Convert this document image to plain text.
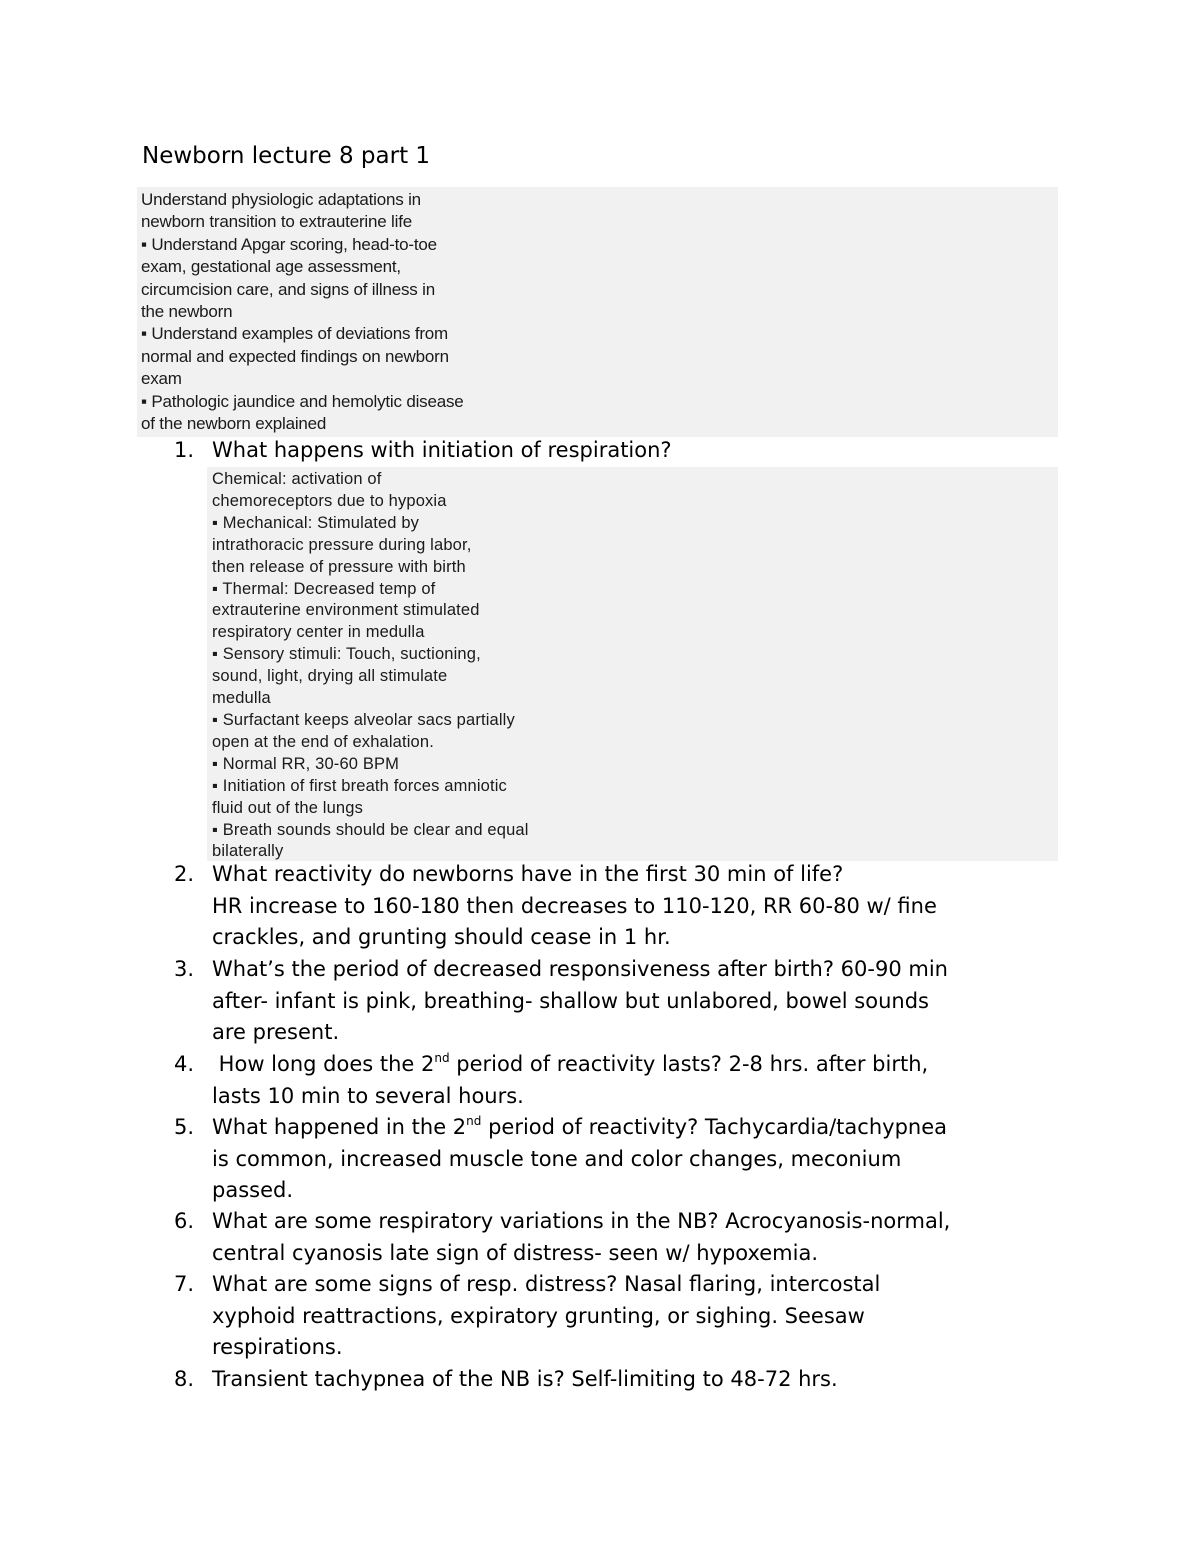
Newborn lecture 8 part 1
Understand physiologic adaptations in
newborn transition to extrauterine life
▪ Understand Apgar scoring, head-to-toe
exam, gestational age assessment,
circumcision care, and signs of illness in
the newborn
▪ Understand examples of deviations from
normal and expected findings on newborn
exam
▪ Pathologic jaundice and hemolytic disease
of the newborn explained
1. What happens with initiation of respiration?
2. What reactivity do newborns have in the first 30 min of life?
HR increase to 160-180 then decreases to 110-120, RR 60-80 w/ fine
crackles, and grunting should cease in 1 hr.
3. What’s the period of decreased responsiveness after birth? 60-90 min
after- infant is pink, breathing- shallow but unlabored, bowel sounds
are present.
4. How long does the 2nd period of reactivity lasts? 2-8 hrs. after birth,
lasts 10 min to several hours.
5. What happened in the 2nd period of reactivity? Tachycardia/tachypnea
is common, increased muscle tone and color changes, meconium
passed.
6. What are some respiratory variations in the NB? Acrocyanosis-normal,
central cyanosis late sign of distress- seen w/ hypoxemia.
7. What are some signs of resp. distress? Nasal flaring, intercostal
xyphoid reattractions, expiratory grunting, or sighing. Seesaw
respirations.
8. Transient tachypnea of the NB is? Self-limiting to 48-72 hrs.
Chemical: activation of
chemoreceptors due to hypoxia
▪ Mechanical: Stimulated by
intrathoracic pressure during labor,
then release of pressure with birth
▪ Thermal: Decreased temp of
extrauterine environment stimulated
respiratory center in medulla
▪ Sensory stimuli: Touch, suctioning,
sound, light, drying all stimulate
medulla
▪ Surfactant keeps alveolar sacs partially
open at the end of exhalation.
▪ Normal RR, 30-60 BPM
▪ Initiation of first breath forces amniotic
fluid out of the lungs
▪ Breath sounds should be clear and equal
bilaterally
